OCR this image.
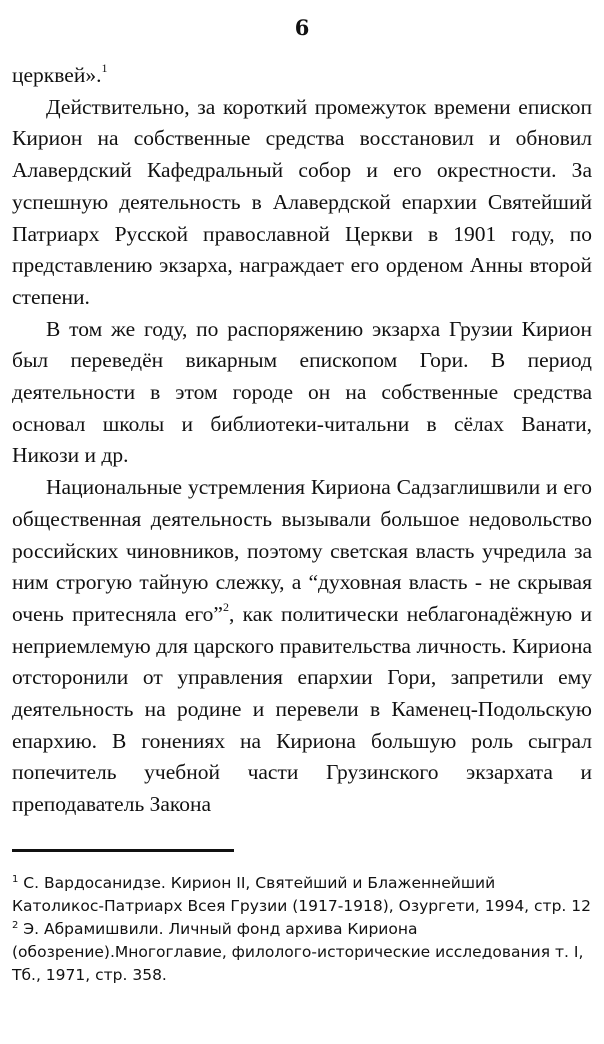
6

церквей».$^1$

Действительно, за короткий промежуток времени епископ Кирион на собственные средства восстановил и обновил Алавердский Кафедральный собор и его окрестности. За успешную деятельность в Алавердской епархии Святейший Патриарх Русской православной Церкви в 1901 году, по представлению экзарха, награждает его орденом Анны второй степени.

В том же году, по распоряжению экзарха Грузии Кирион был переведён викарным епископом Гори. В период деятельности в этом городе он на собственные средства основал школы и библиотеки-читальни в сёлах Ванати, Никози и др.

Национальные устремления Кириона Садзаглишвили и его общественная деятельность вызывали большое недовольство российских чиновников, поэтому светская власть учредила за ним строгую тайную слежку, а “духовная власть - не скрывая очень притесняла его”$^2$, как политически неблагонадёжную и неприемлемую для царского правительства личность. Кириона отсторонили от управления епархии Гори, запретили ему деятельность на родине и перевели в Каменец-Подольскую епархию. В гонениях на Кириона большую роль сыграл попечитель учебной части Грузинского экзархата и преподаватель Закона

$^1$ С. Вардосанидзе. Кирион II, Святейший и Блаженнейший Католикос-Патриарх Всея Грузии (1917-1918), Озургети, 1994, стр. 12

$^2$ Э. Абрамишвили. Личный фонд архива Кириона (обозрение).Многоглавие, филолого-исторические исследования т. I, Тб., 1971, стр. 358.
